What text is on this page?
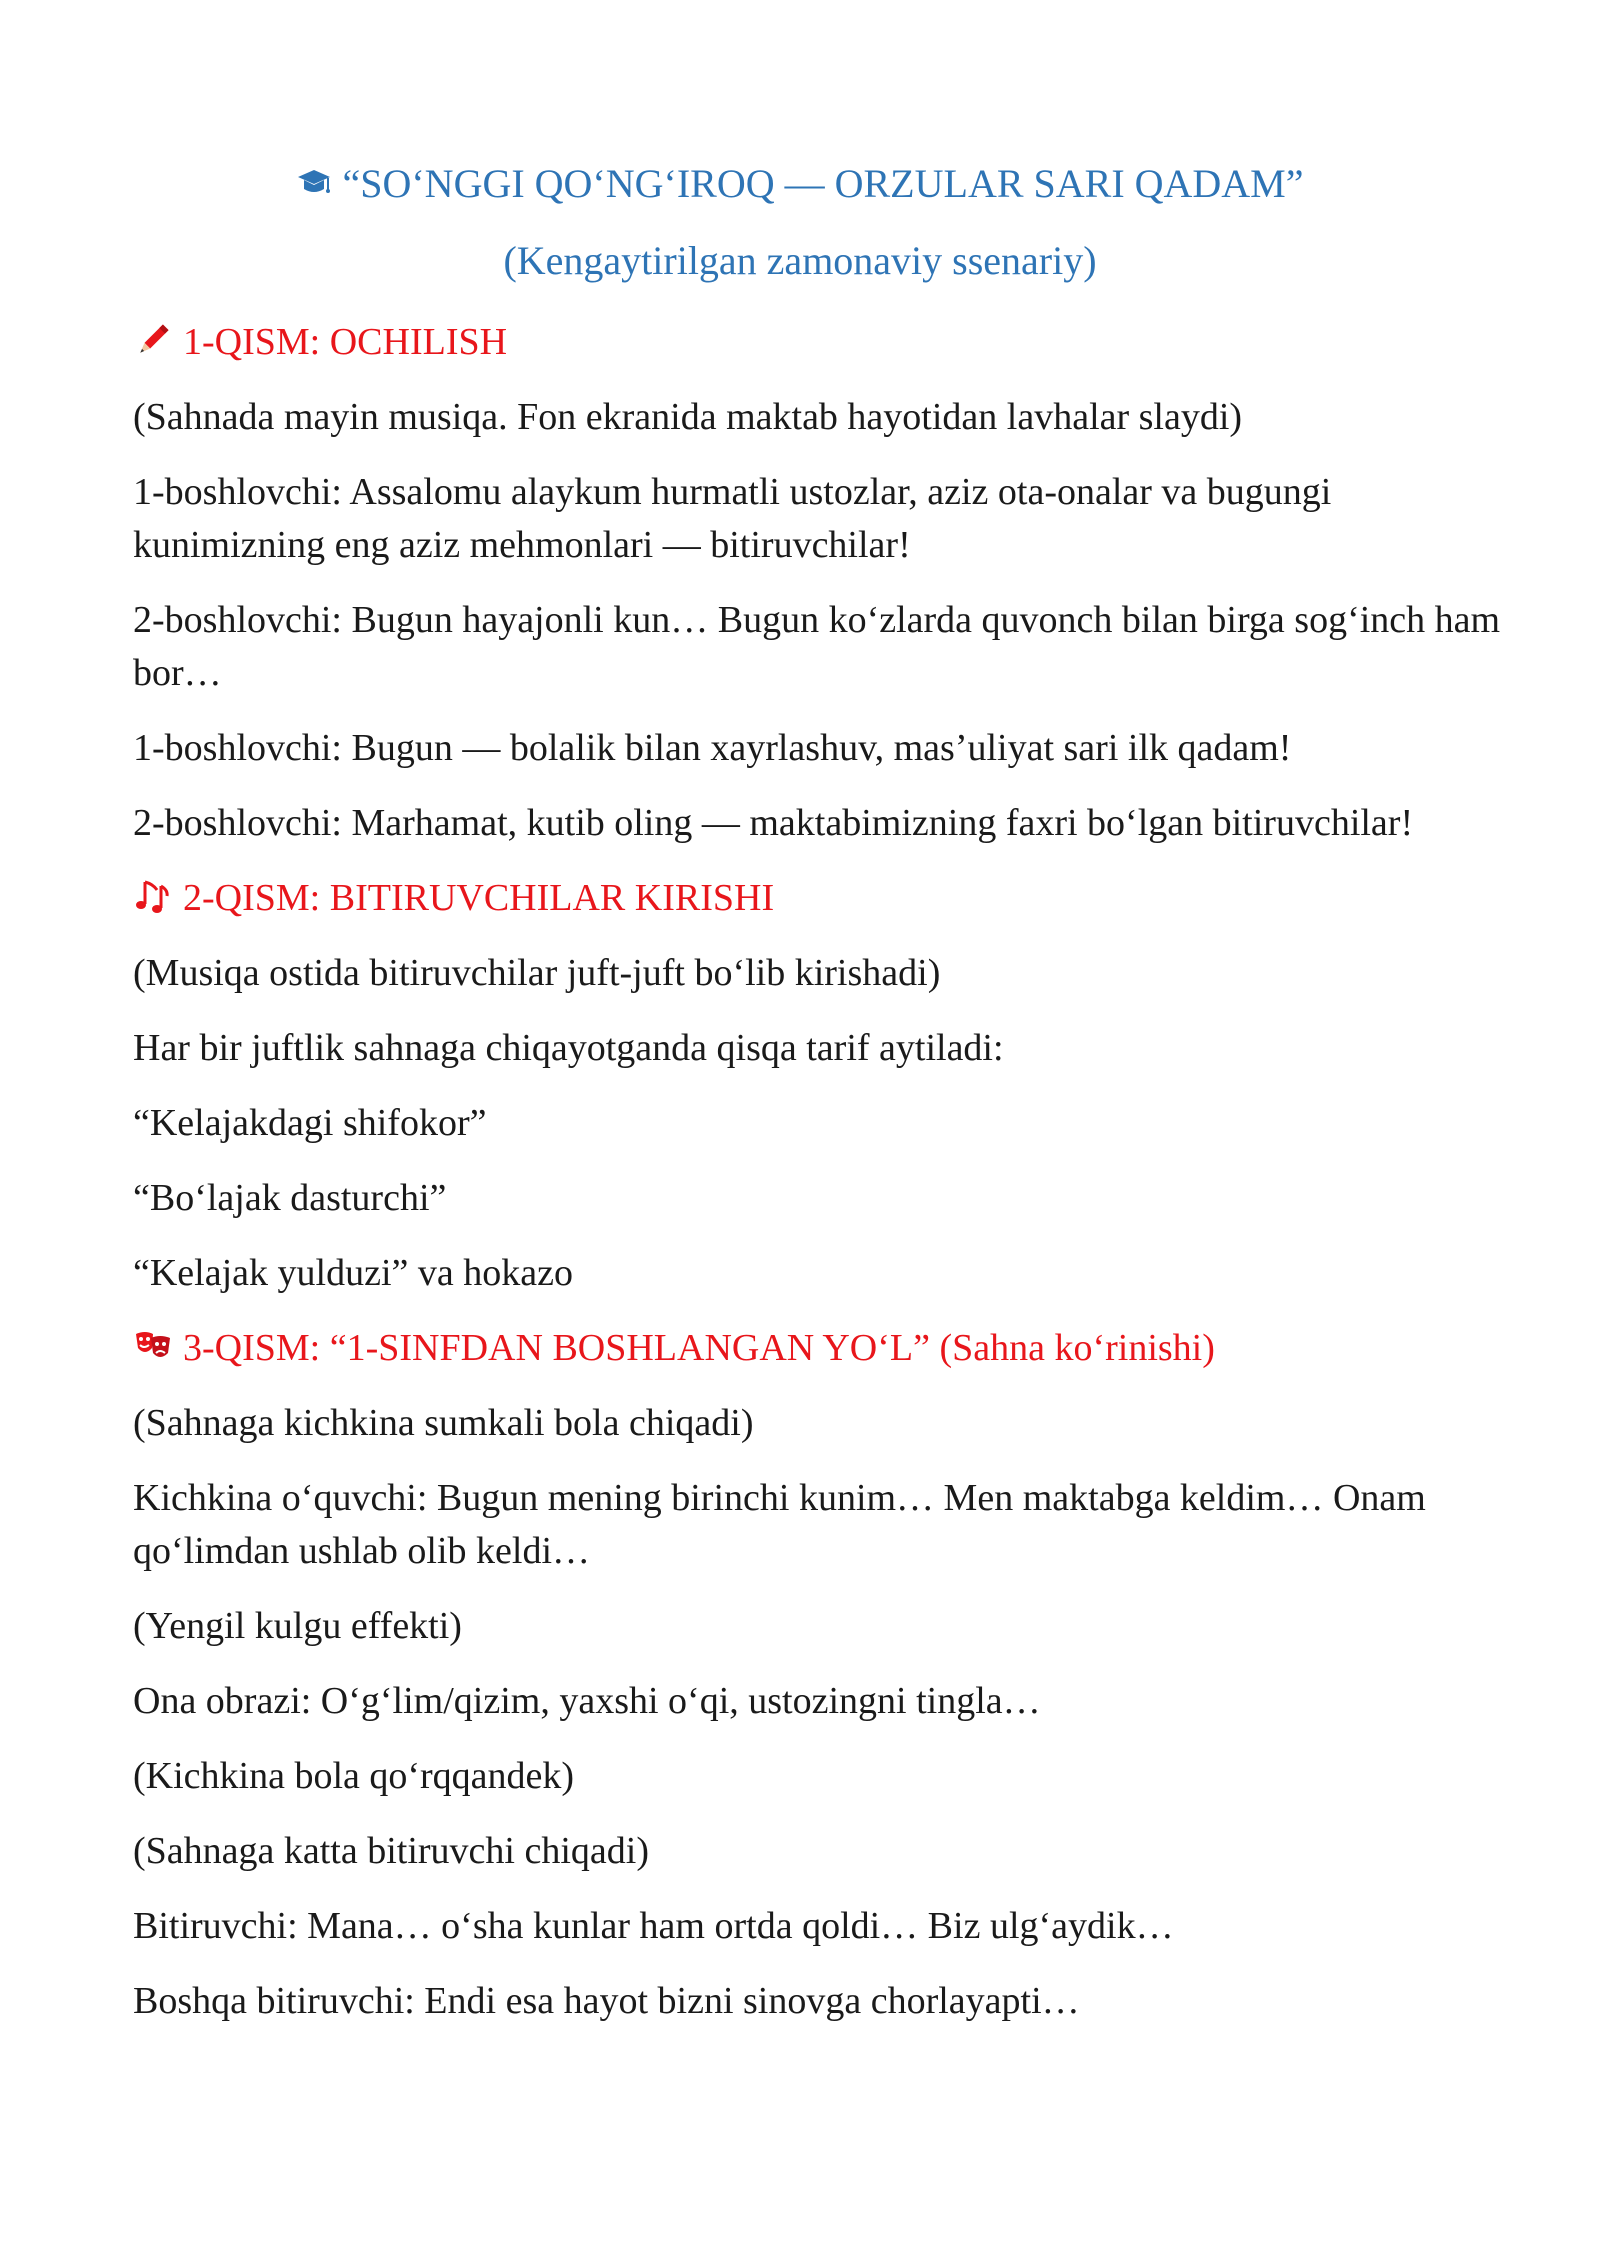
“SO‘NGGI QO‘NG‘IROQ — ORZULAR SARI QADAM”
(Kengaytirilgan zamonaviy ssenariy)
1-QISM: OCHILISH
(Sahnada mayin musiqa. Fon ekranida maktab hayotidan lavhalar slaydi)
1-boshlovchi: Assalomu alaykum hurmatli ustozlar, aziz ota-onalar va bugungi kunimizning eng aziz mehmonlari — bitiruvchilar!
2-boshlovchi: Bugun hayajonli kun… Bugun ko‘zlarda quvonch bilan birga sog‘inch ham bor…
1-boshlovchi: Bugun — bolalik bilan xayrlashuv, mas’uliyat sari ilk qadam!
2-boshlovchi: Marhamat, kutib oling — maktabimizning faxri bo‘lgan bitiruvchilar!
2-QISM: BITIRUVCHILAR KIRISHI
(Musiqa ostida bitiruvchilar juft-juft bo‘lib kirishadi)
Har bir juftlik sahnaga chiqayotganda qisqa tarif aytiladi:
“Kelajakdagi shifokor”
“Bo‘lajak dasturchi”
“Kelajak yulduzi” va hokazo
3-QISM: “1-SINFDAN BOSHLANGAN YO‘L” (Sahna ko‘rinishi)
(Sahnaga kichkina sumkali bola chiqadi)
Kichkina o‘quvchi: Bugun mening birinchi kunim… Men maktabga keldim… Onam qo‘limdan ushlab olib keldi…
(Yengil kulgu effekti)
Ona obrazi: O‘g‘lim/qizim, yaxshi o‘qi, ustozingni tingla…
(Kichkina bola qo‘rqqandek)
(Sahnaga katta bitiruvchi chiqadi)
Bitiruvchi: Mana… o‘sha kunlar ham ortda qoldi… Biz ulg‘aydik…
Boshqa bitiruvchi: Endi esa hayot bizni sinovga chorlayapti…
